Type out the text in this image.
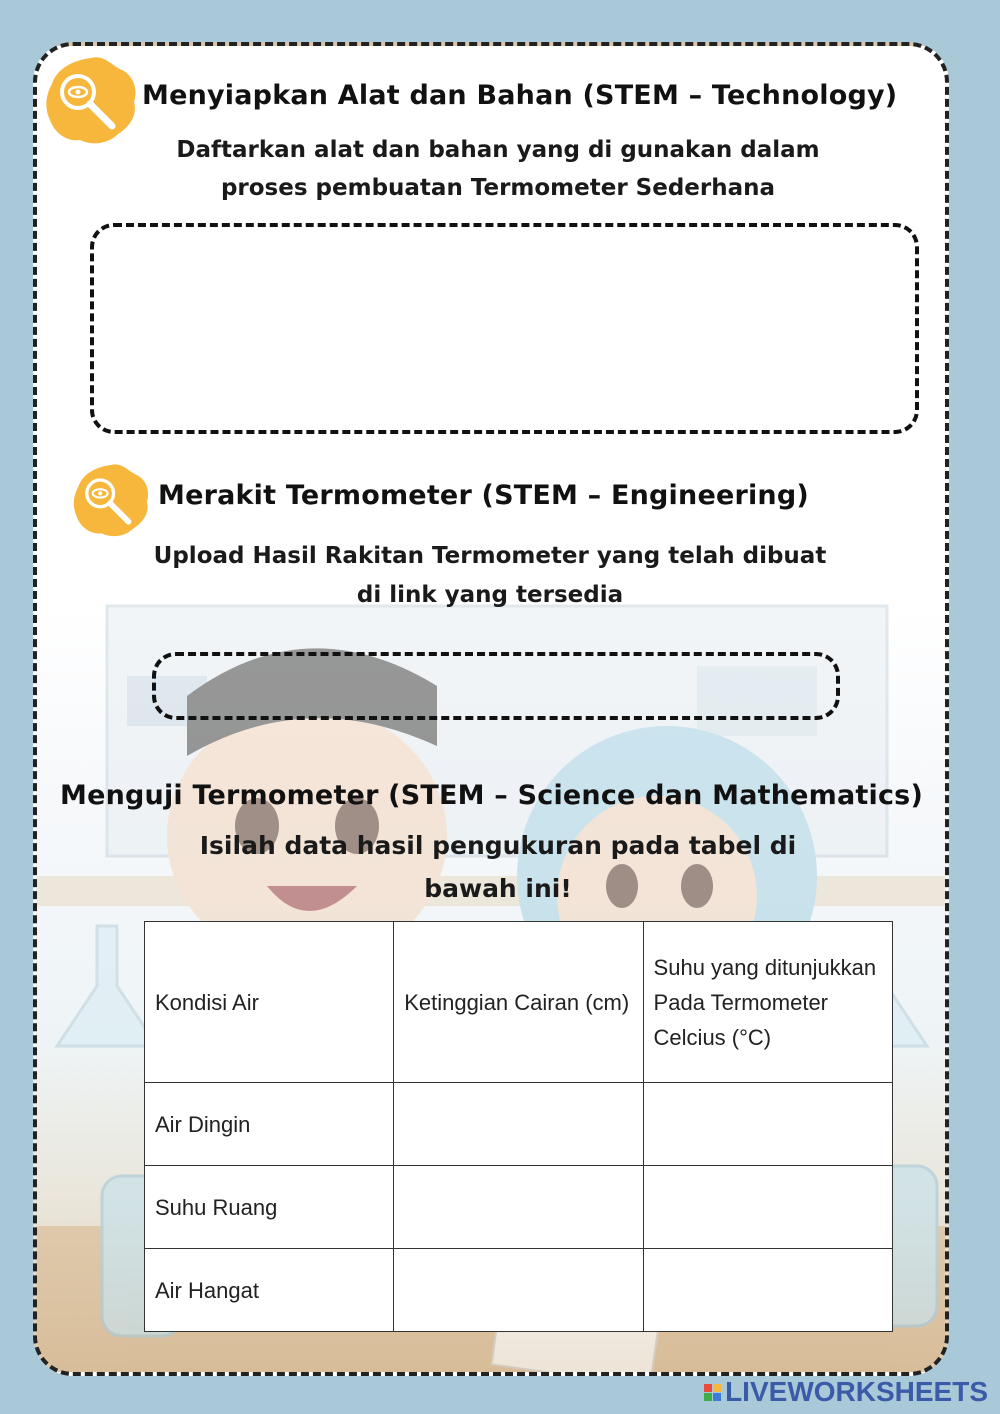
Menyiapkan Alat dan Bahan (STEM – Technology)
Daftarkan alat dan bahan yang di gunakan dalam
proses pembuatan Termometer Sederhana
Merakit Termometer (STEM – Engineering)
Upload Hasil Rakitan Termometer yang telah dibuat
di link yang tersedia
Menguji Termometer (STEM – Science dan Mathematics)
Isilah data hasil pengukuran pada tabel di
bawah ini!
Kondisi Air	Ketinggian Cairan (cm)	Suhu yang ditunjukkan Pada Termometer Celcius (°C)
Air Dingin		
Suhu Ruang		
Air Hangat		
LIVEWORKSHEETS
